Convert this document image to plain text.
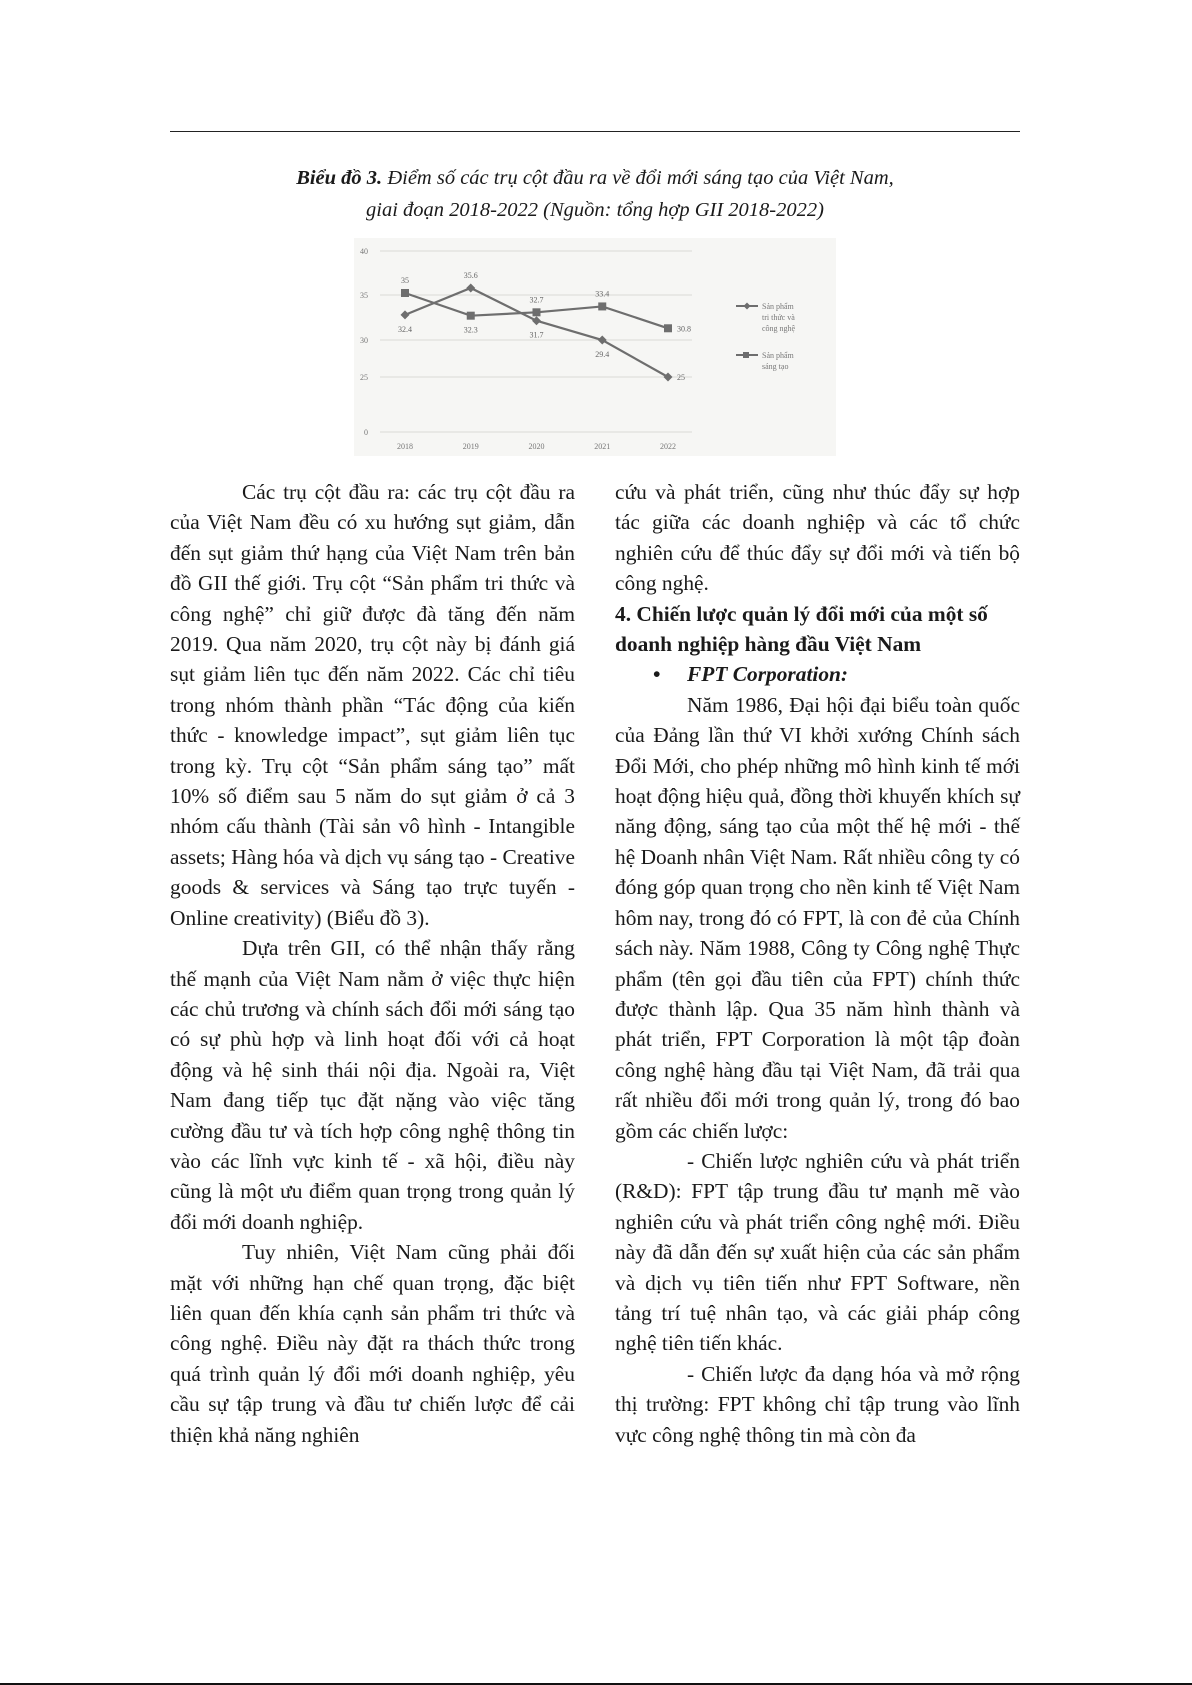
Biểu đồ 3. Điểm số các trụ cột đầu ra về đổi mới sáng tạo của Việt Nam,
giai đoạn 2018-2022 (Nguồn: tổng hợp GII 2018-2022)
0
25
30
35
40
2018	2019	2020	2021	2022
32.4
35.6
31.7
29.4
25
Sản phẩm
tri thức và
công nghệ
35
32.3
32.7
33.4
30.8
Sản phẩm
sáng tạo

Các trụ cột đầu ra: các trụ cột đầu ra của Việt Nam đều có xu hướng sụt giảm, dẫn đến sụt giảm thứ hạng của Việt Nam trên bản đồ GII thế giới. Trụ cột “Sản phẩm tri thức và công nghệ” chỉ giữ được đà tăng đến năm 2019. Qua năm 2020, trụ cột này bị đánh giá sụt giảm liên tục đến năm 2022. Các chỉ tiêu trong nhóm thành phần “Tác động của kiến thức - knowledge impact”, sụt giảm liên tục trong kỳ. Trụ cột “Sản phẩm sáng tạo” mất 10% số điểm sau 5 năm do sụt giảm ở cả 3 nhóm cấu thành (Tài sản vô hình - Intangible assets; Hàng hóa và dịch vụ sáng tạo - Creative goods & services và Sáng tạo trực tuyến - Online creativity) (Biểu đồ 3).

Dựa trên GII, có thể nhận thấy rằng thế mạnh của Việt Nam nằm ở việc thực hiện các chủ trương và chính sách đổi mới sáng tạo có sự phù hợp và linh hoạt đối với cả hoạt động và hệ sinh thái nội địa. Ngoài ra, Việt Nam đang tiếp tục đặt nặng vào việc tăng cường đầu tư và tích hợp công nghệ thông tin vào các lĩnh vực kinh tế - xã hội, điều này cũng là một ưu điểm quan trọng trong quản lý đổi mới doanh nghiệp.

Tuy nhiên, Việt Nam cũng phải đối mặt với những hạn chế quan trọng, đặc biệt liên quan đến khía cạnh sản phẩm tri thức và công nghệ. Điều này đặt ra thách thức trong quá trình quản lý đổi mới doanh nghiệp, yêu cầu sự tập trung và đầu tư chiến lược để cải thiện khả năng nghiên

cứu và phát triển, cũng như thúc đẩy sự hợp tác giữa các doanh nghiệp và các tổ chức nghiên cứu để thúc đẩy sự đổi mới và tiến bộ công nghệ.

4. Chiến lược quản lý đổi mới của một số doanh nghiệp hàng đầu Việt Nam

•	FPT Corporation:

Năm 1986, Đại hội đại biểu toàn quốc của Đảng lần thứ VI khởi xướng Chính sách Đổi Mới, cho phép những mô hình kinh tế mới hoạt động hiệu quả, đồng thời khuyến khích sự năng động, sáng tạo của một thế hệ mới - thế hệ Doanh nhân Việt Nam. Rất nhiều công ty có đóng góp quan trọng cho nền kinh tế Việt Nam hôm nay, trong đó có FPT, là con đẻ của Chính sách này. Năm 1988, Công ty Công nghệ Thực phẩm (tên gọi đầu tiên của FPT) chính thức được thành lập. Qua 35 năm hình thành và phát triển, FPT Corporation là một tập đoàn công nghệ hàng đầu tại Việt Nam, đã trải qua rất nhiều đổi mới trong quản lý, trong đó bao gồm các chiến lược:

- Chiến lược nghiên cứu và phát triển (R&D): FPT tập trung đầu tư mạnh mẽ vào nghiên cứu và phát triển công nghệ mới. Điều này đã dẫn đến sự xuất hiện của các sản phẩm và dịch vụ tiên tiến như FPT Software, nền tảng trí tuệ nhân tạo, và các giải pháp công nghệ tiên tiến khác.

- Chiến lược đa dạng hóa và mở rộng thị trường: FPT không chỉ tập trung vào lĩnh vực công nghệ thông tin mà còn đa
